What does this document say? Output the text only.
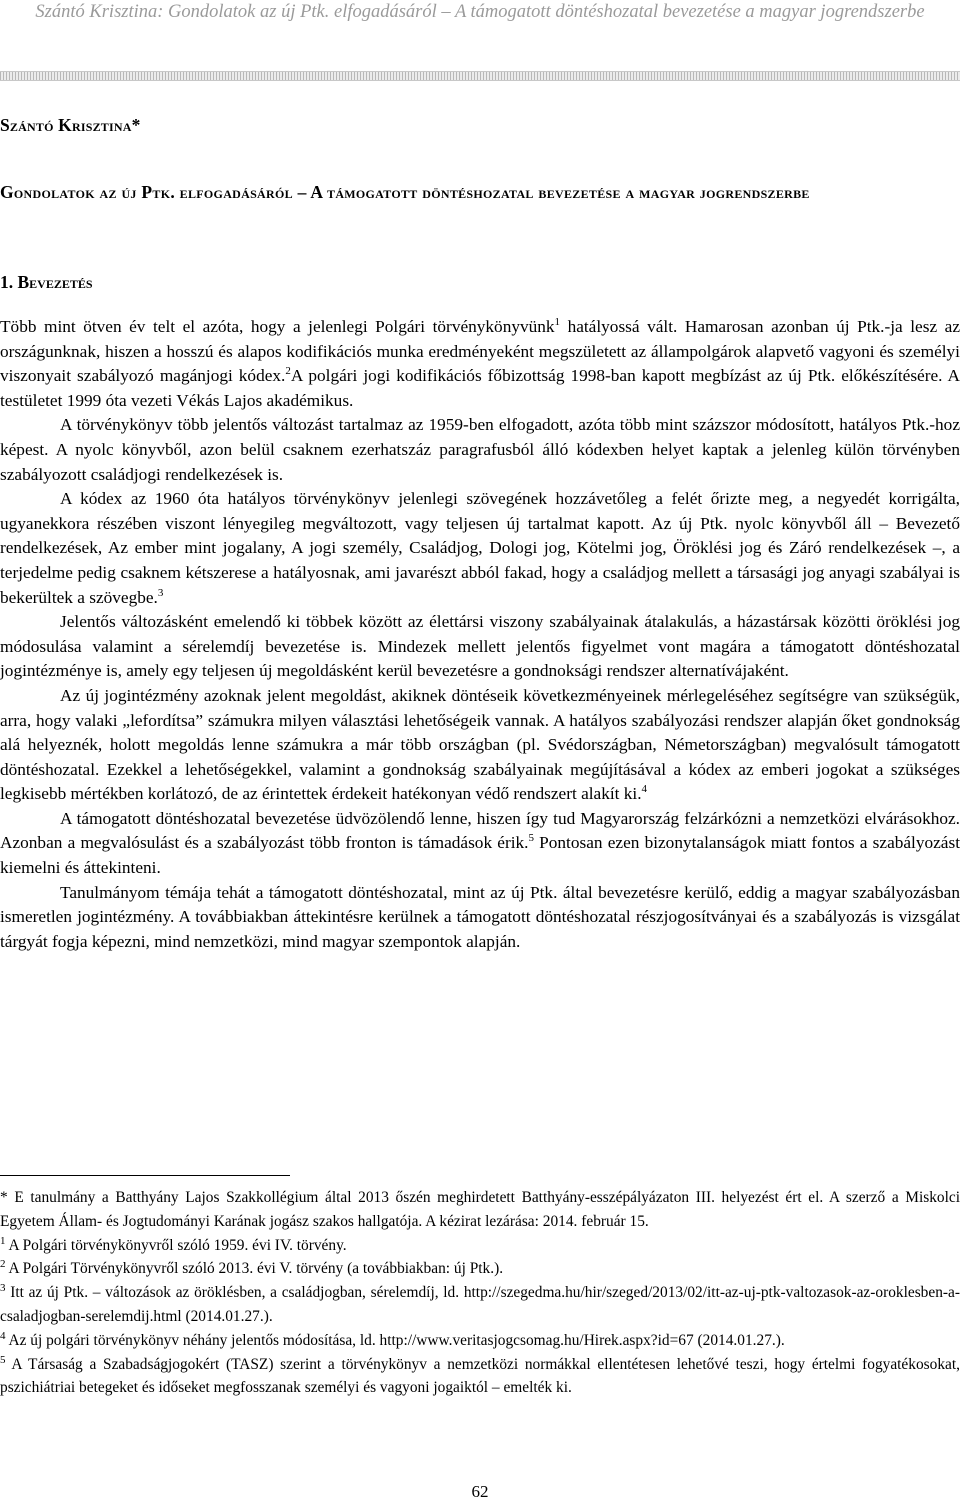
Szántó Krisztina: Gondolatok az új Ptk. elfogadásáról – A támogatott döntéshozatal bevezetése a magyar jogrendszerbe
Szántó Krisztina*
Gondolatok az új Ptk. elfogadásáról – A támogatott döntéshozatal bevezetése a magyar jogrendszerbe
1. Bevezetés

Több mint ötven év telt el azóta, hogy a jelenlegi Polgári törvénykönyvünk$^1$ hatályossá vált. Hamarosan azonban új Ptk.-ja lesz az országunknak, hiszen a hosszú és alapos kodifikációs munka eredményeként megszületett az állampolgárok alapvető vagyoni és személyi viszonyait szabályozó magánjogi kódex.$^2$A polgári jogi kodifikációs főbizottság 1998-ban kapott megbízást az új Ptk. előkészítésére. A testületet 1999 óta vezeti Vékás Lajos akadémikus.

A törvénykönyv több jelentős változást tartalmaz az 1959-ben elfogadott, azóta több mint százszor módosított, hatályos Ptk.-hoz képest. A nyolc könyvből, azon belül csaknem ezerhatszáz paragrafusból álló kódexben helyet kaptak a jelenleg külön törvényben szabályozott családjogi rendelkezések is.

A kódex az 1960 óta hatályos törvénykönyv jelenlegi szövegének hozzávetőleg a felét őrizte meg, a negyedét korrigálta, ugyanekkora részében viszont lényegileg megváltozott, vagy teljesen új tartalmat kapott. Az új Ptk. nyolc könyvből áll – Bevezető rendelkezések, Az ember mint jogalany, A jogi személy, Családjog, Dologi jog, Kötelmi jog, Öröklési jog és Záró rendelkezések –, a terjedelme pedig csaknem kétszerese a hatályosnak, ami javarészt abból fakad, hogy a családjog mellett a társasági jog anyagi szabályai is bekerültek a szövegbe.$^3$

Jelentős változásként emelendő ki többek között az élettársi viszony szabályainak átalakulás, a házastársak közötti öröklési jog módosulása valamint a sérelemdíj bevezetése is. Mindezek mellett jelentős figyelmet vont magára a támogatott döntéshozatal jogintézménye is, amely egy teljesen új megoldásként kerül bevezetésre a gondnoksági rendszer alternatívájaként.

Az új jogintézmény azoknak jelent megoldást, akiknek döntéseik következményeinek mérlegeléséhez segítségre van szükségük, arra, hogy valaki „lefordítsa” számukra milyen választási lehetőségeik vannak. A hatályos szabályozási rendszer alapján őket gondnokság alá helyeznék, holott megoldás lenne számukra a már több országban (pl. Svédországban, Németországban) megvalósult támogatott döntéshozatal. Ezekkel a lehetőségekkel, valamint a gondnokság szabályainak megújításával a kódex az emberi jogokat a szükséges legkisebb mértékben korlátozó, de az érintettek érdekeit hatékonyan védő rendszert alakít ki.$^4$

A támogatott döntéshozatal bevezetése üdvözölendő lenne, hiszen így tud Magyarország felzárkózni a nemzetközi elvárásokhoz. Azonban a megvalósulást és a szabályozást több fronton is támadások érik.$^5$ Pontosan ezen bizonytalanságok miatt fontos a szabályozást kiemelni és áttekinteni.

Tanulmányom témája tehát a támogatott döntéshozatal, mint az új Ptk. által bevezetésre kerülő, eddig a magyar szabályozásban ismeretlen jogintézmény. A továbbiakban áttekintésre kerülnek a támogatott döntéshozatal részjogosítványai és a szabályozás is vizsgálat tárgyát fogja képezni, mind nemzetközi, mind magyar szempontok alapján.

* E tanulmány a Batthyány Lajos Szakkollégium által 2013 őszén meghirdetett Batthyány-esszépályázaton III. helyezést ért el. A szerző a Miskolci Egyetem Állam- és Jogtudományi Karának jogász szakos hallgatója. A kézirat lezárása: 2014. február 15.

$^1$ A Polgári törvénykönyvről szóló 1959. évi IV. törvény.

$^2$ A Polgári Törvénykönyvről szóló 2013. évi V. törvény (a továbbiakban: új Ptk.).

$^3$ Itt az új Ptk. – változások az öröklésben, a családjogban, sérelemdíj, ld. http://szegedma.hu/hir/szeged/2013/02/itt-az-uj-ptk-valtozasok-az-oroklesben-a-csaladjogban-serelemdij.html (2014.01.27.).

$^4$ Az új polgári törvénykönyv néhány jelentős módosítása, ld. http://www.veritasjogcsomag.hu/Hirek.aspx?id=67 (2014.01.27.).

$^5$ A Társaság a Szabadságjogokért (TASZ) szerint a törvénykönyv a nemzetközi normákkal ellentétesen lehetővé teszi, hogy értelmi fogyatékosokat, pszichiátriai betegeket és időseket megfosszanak személyi és vagyoni jogaiktól – emelték ki.

62
